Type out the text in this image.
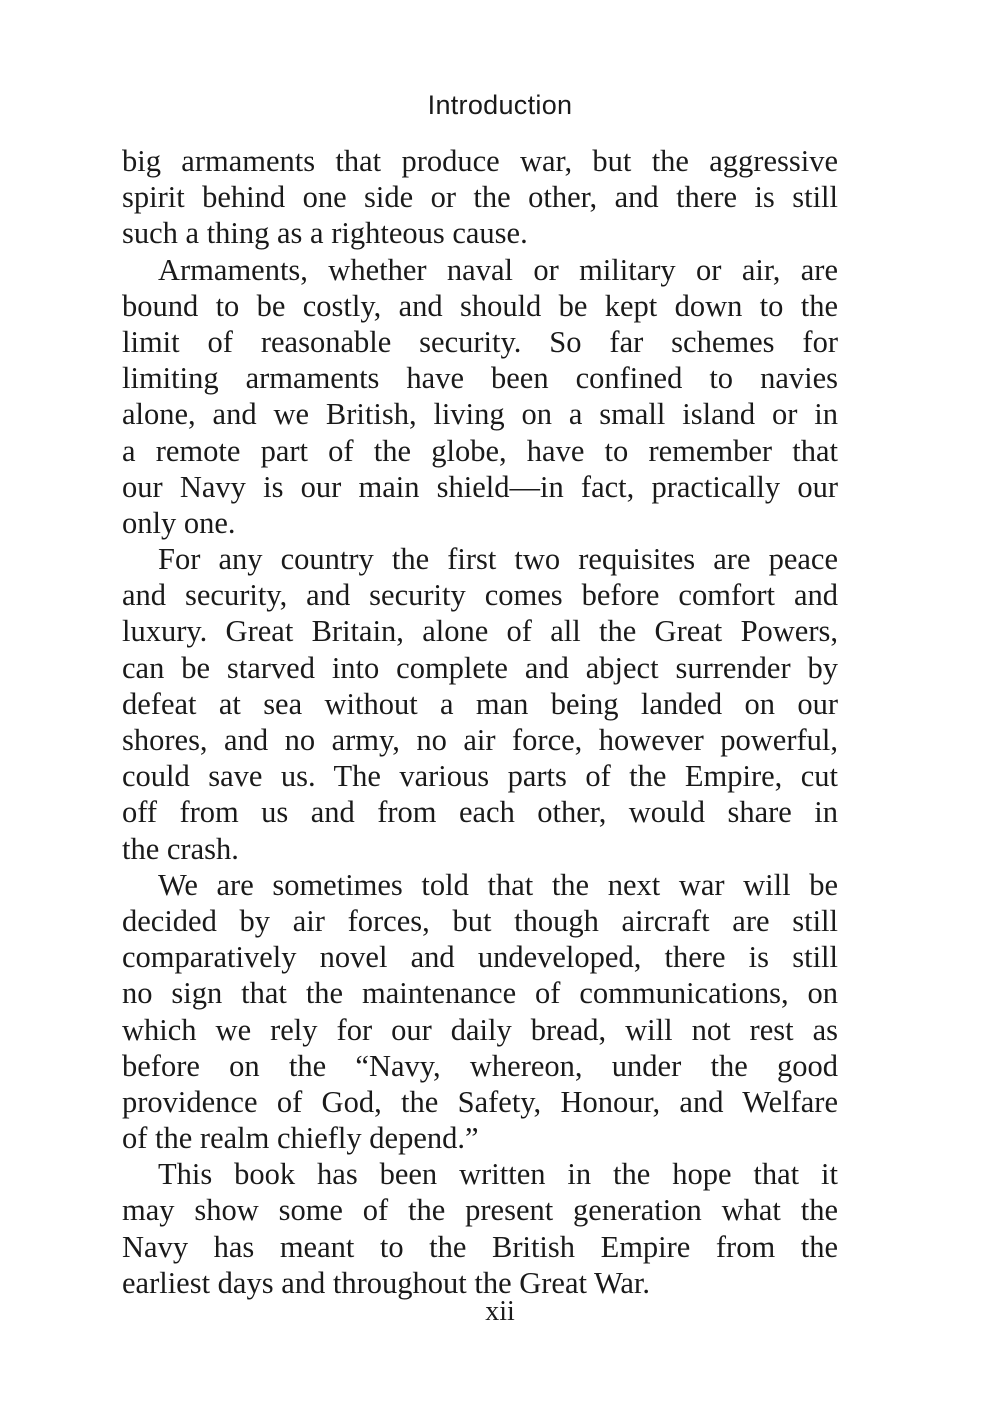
Introduction

big armaments that produce war, but the aggressive
spirit behind one side or the other, and there is still
such a thing as a righteous cause.

Armaments, whether naval or military or air, are
bound to be costly, and should be kept down to the
limit of reasonable security. So far schemes for
limiting armaments have been confined to navies
alone, and we British, living on a small island or in
a remote part of the globe, have to remember that
our Navy is our main shield—in fact, practically our
only one.

For any country the first two requisites are peace
and security, and security comes before comfort and
luxury. Great Britain, alone of all the Great Powers,
can be starved into complete and abject surrender by
defeat at sea without a man being landed on our
shores, and no army, no air force, however powerful,
could save us. The various parts of the Empire, cut
off from us and from each other, would share in
the crash.

We are sometimes told that the next war will be
decided by air forces, but though aircraft are still
comparatively novel and undeveloped, there is still
no sign that the maintenance of communications, on
which we rely for our daily bread, will not rest as
before on the “Navy, whereon, under the good
providence of God, the Safety, Honour, and Welfare
of the realm chiefly depend.”

This book has been written in the hope that it
may show some of the present generation what the
Navy has meant to the British Empire from the
earliest days and throughout the Great War.

xii
